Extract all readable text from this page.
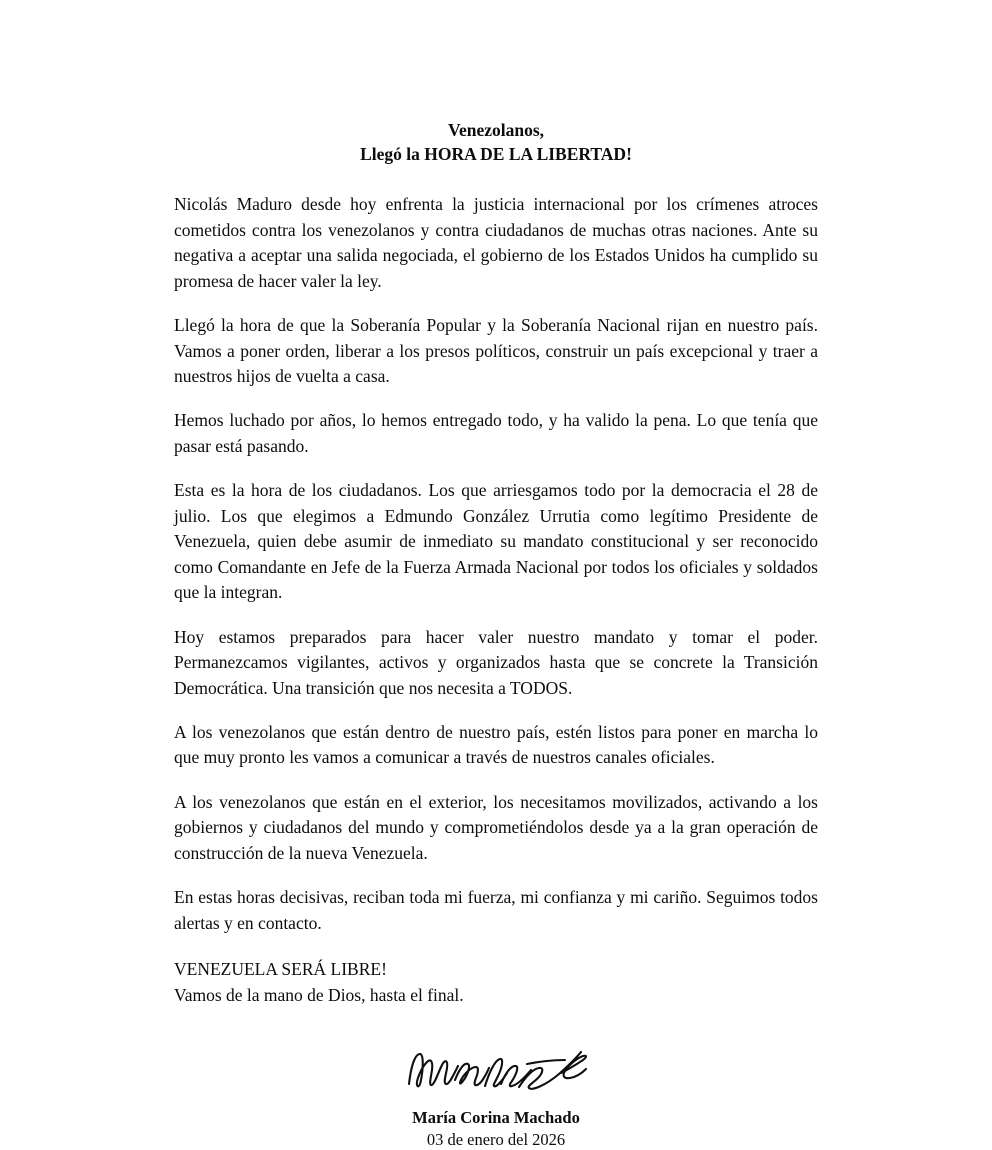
Venezolanos,
Llegó la HORA DE LA LIBERTAD!

Nicolás Maduro desde hoy enfrenta la justicia internacional por los crímenes atroces cometidos contra los venezolanos y contra ciudadanos de muchas otras naciones. Ante su negativa a aceptar una salida negociada, el gobierno de los Estados Unidos ha cumplido su promesa de hacer valer la ley.

Llegó la hora de que la Soberanía Popular y la Soberanía Nacional rijan en nuestro país. Vamos a poner orden, liberar a los presos políticos, construir un país excepcional y traer a nuestros hijos de vuelta a casa.

Hemos luchado por años, lo hemos entregado todo, y ha valido la pena. Lo que tenía que pasar está pasando.

Esta es la hora de los ciudadanos. Los que arriesgamos todo por la democracia el 28 de julio. Los que elegimos a Edmundo González Urrutia como legítimo Presidente de Venezuela, quien debe asumir de inmediato su mandato constitucional y ser reconocido como Comandante en Jefe de la Fuerza Armada Nacional por todos los oficiales y soldados que la integran.

Hoy estamos preparados para hacer valer nuestro mandato y tomar el poder. Permanezcamos vigilantes, activos y organizados hasta que se concrete la Transición Democrática. Una transición que nos necesita a TODOS.

A los venezolanos que están dentro de nuestro país, estén listos para poner en marcha lo que muy pronto les vamos a comunicar a través de nuestros canales oficiales.

A los venezolanos que están en el exterior, los necesitamos movilizados, activando a los gobiernos y ciudadanos del mundo y comprometiéndolos desde ya a la gran operación de construcción de la nueva Venezuela.

En estas horas decisivas, reciban toda mi fuerza, mi confianza y mi cariño. Seguimos todos alertas y en contacto.

VENEZUELA SERÁ LIBRE!

Vamos de la mano de Dios, hasta el final.

María Corina Machado
03 de enero del 2026
